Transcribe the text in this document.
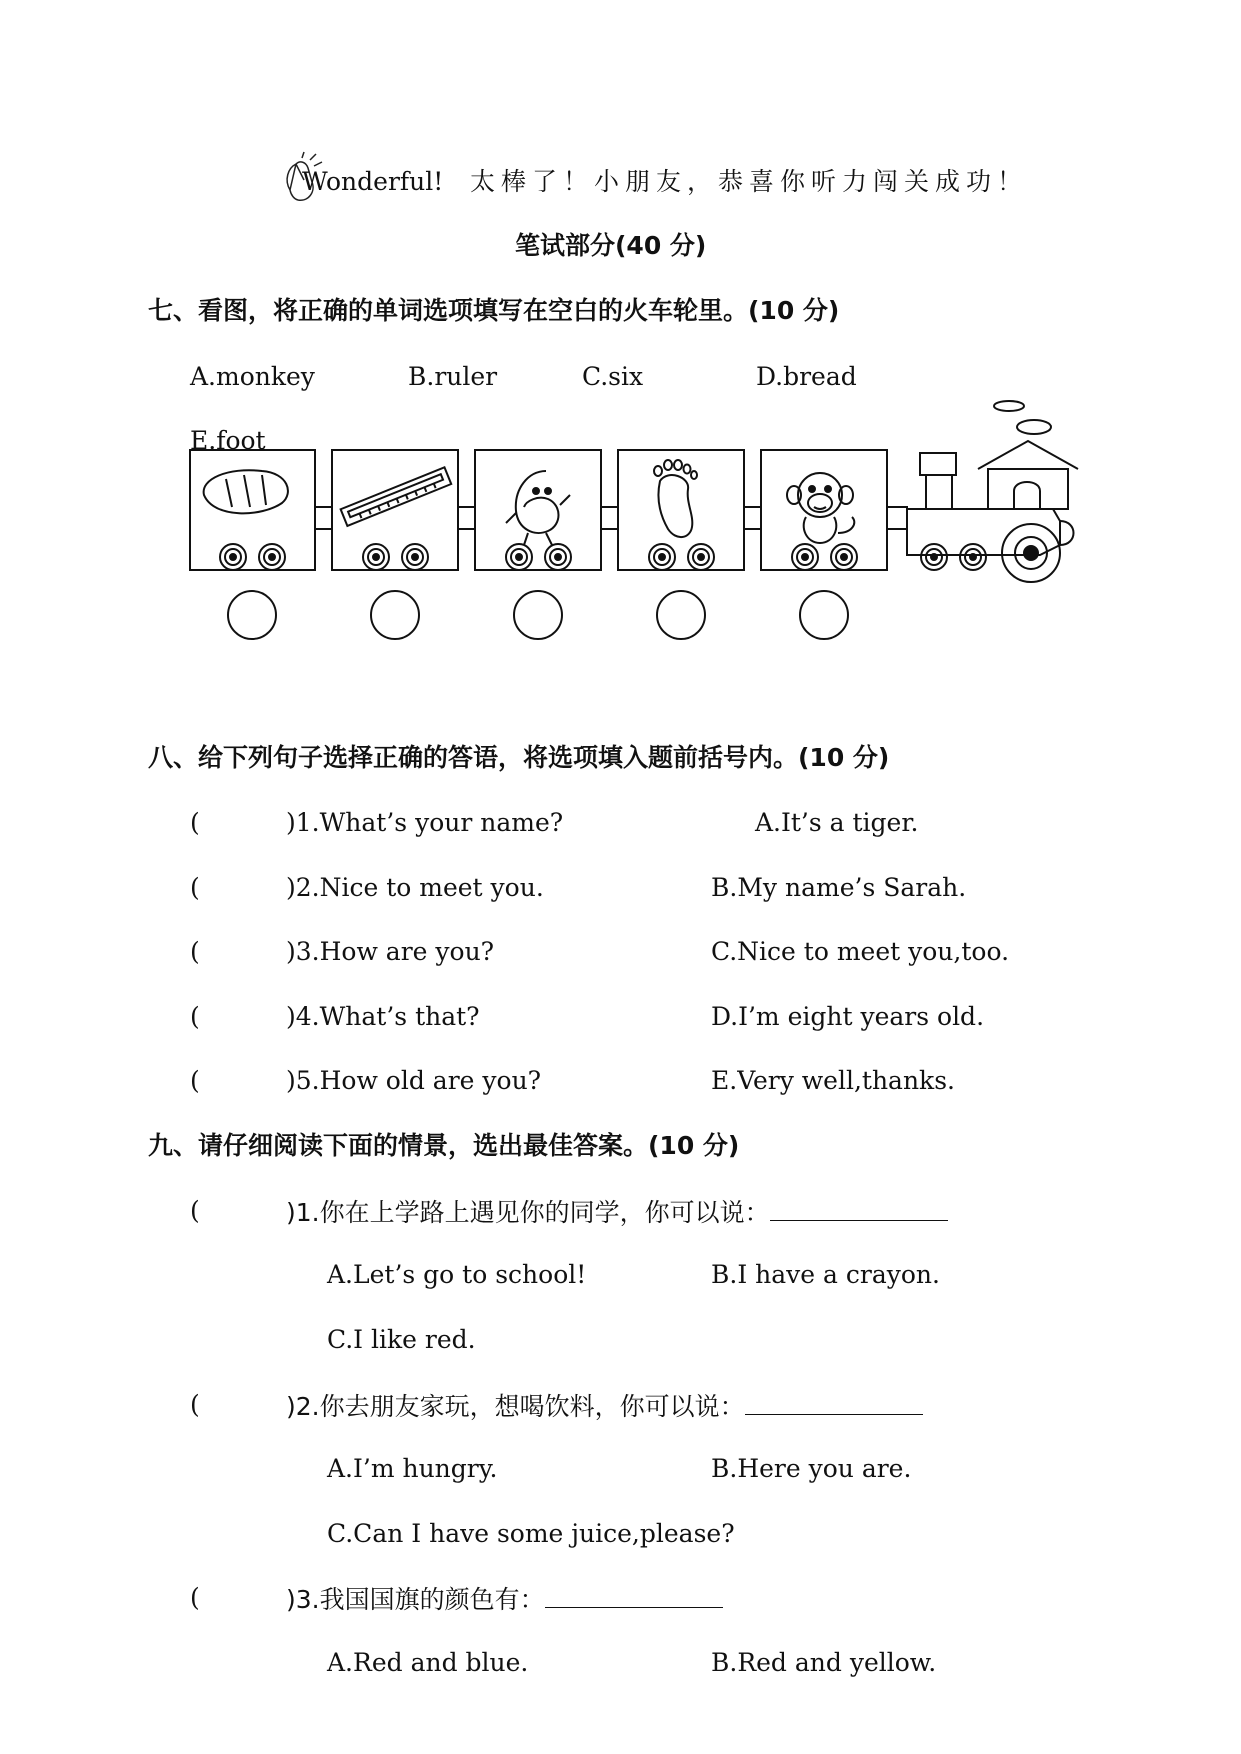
Wonderful! 太棒了！小朋友，恭喜你听力闯关成功！
笔试部分(40 分)
七、看图，将正确的单词选项填写在空白的火车轮里。(10 分)
A.monkey	B.ruler	C.six	D.bread
E.foot
八、给下列句子选择正确的答语，将选项填入题前括号内。(10 分)
(	)1.What’s your name?	A.It’s a tiger.
(	)2.Nice to meet you.	B.My name’s Sarah.
(	)3.How are you?	C.Nice to meet you,too.
(	)4.What’s that?	D.I’m eight years old.
(	)5.How old are you?	E.Very well,thanks.
九、请仔细阅读下面的情景，选出最佳答案。(10 分)
(	)1.你在上学路上遇见你的同学，你可以说：
A.Let’s go to school!	B.I have a crayon.
C.I like red.
(	)2.你去朋友家玩，想喝饮料，你可以说：
A.I’m hungry.	B.Here you are.
C.Can I have some juice,please?
(	)3.我国国旗的颜色有：
A.Red and blue.	B.Red and yellow.
